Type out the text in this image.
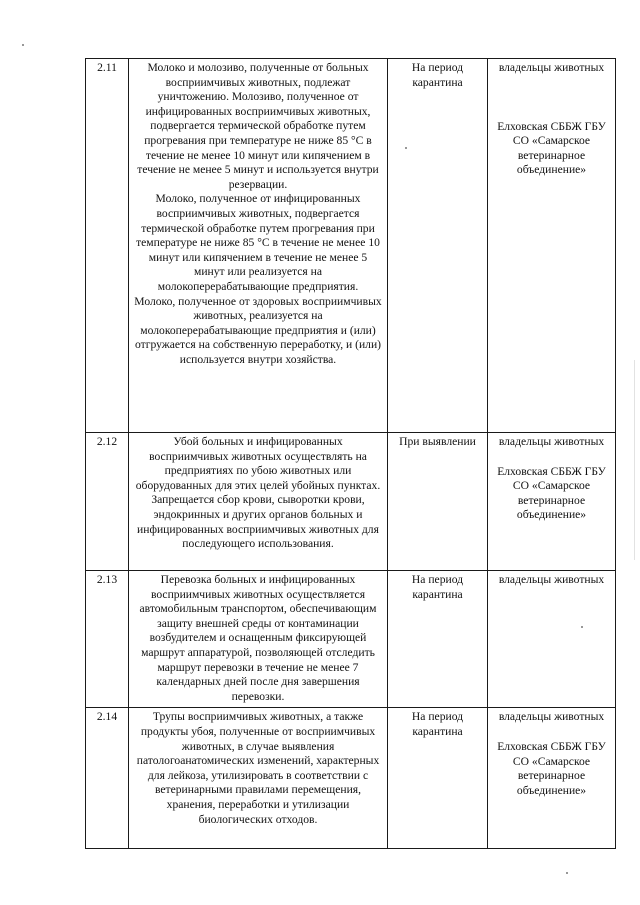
2.11	Молоко и молозиво, полученные от больных восприимчивых животных, подлежат уничтожению. Молозиво, полученное от инфицированных восприимчивых животных, подвергается термической обработке путем прогревания при температуре не ниже 85 °С в течение не менее 10 минут или кипячением в течение не менее 5 минут и используется внутри резервации.
Молоко, полученное от инфицированных восприимчивых животных, подвергается термической обработке путем прогревания при температуре не ниже 85 °С в течение не менее 10 минут или кипячением в течение не менее 5 минут или реализуется на молокоперерабатывающие предприятия.
Молоко, полученное от здоровых восприимчивых животных, реализуется на молокоперерабатывающие предприятия и (или) отгружается на собственную переработку, и (или) используется внутри хозяйства.	На период карантина	владельцы животных
Елховская СББЖ ГБУ СО «Самарское ветеринарное объединение»

2.12	Убой больных и инфицированных восприимчивых животных осуществлять на предприятиях по убою животных или оборудованных для этих целей убойных пунктах. Запрещается сбор крови, сыворотки крови, эндокринных и других органов больных и инфицированных восприимчивых животных для последующего использования.	При выявлении	владельцы животных
Елховская СББЖ ГБУ СО «Самарское ветеринарное объединение»

2.13	Перевозка больных и инфицированных восприимчивых животных осуществляется автомобильным транспортом, обеспечивающим защиту внешней среды от контаминации возбудителем и оснащенным фиксирующей маршрут аппаратурой, позволяющей отследить маршрут перевозки в течение не менее 7 календарных дней после дня завершения перевозки.	На период карантина	владельцы животных

2.14	Трупы восприимчивых животных, а также продукты убоя, полученные от восприимчивых животных, в случае выявления патологоанатомических изменений, характерных для лейкоза, утилизировать в соответствии с ветеринарными правилами перемещения, хранения, переработки и утилизации биологических отходов.	На период карантина	владельцы животных
Елховская СББЖ ГБУ СО «Самарское ветеринарное объединение»
